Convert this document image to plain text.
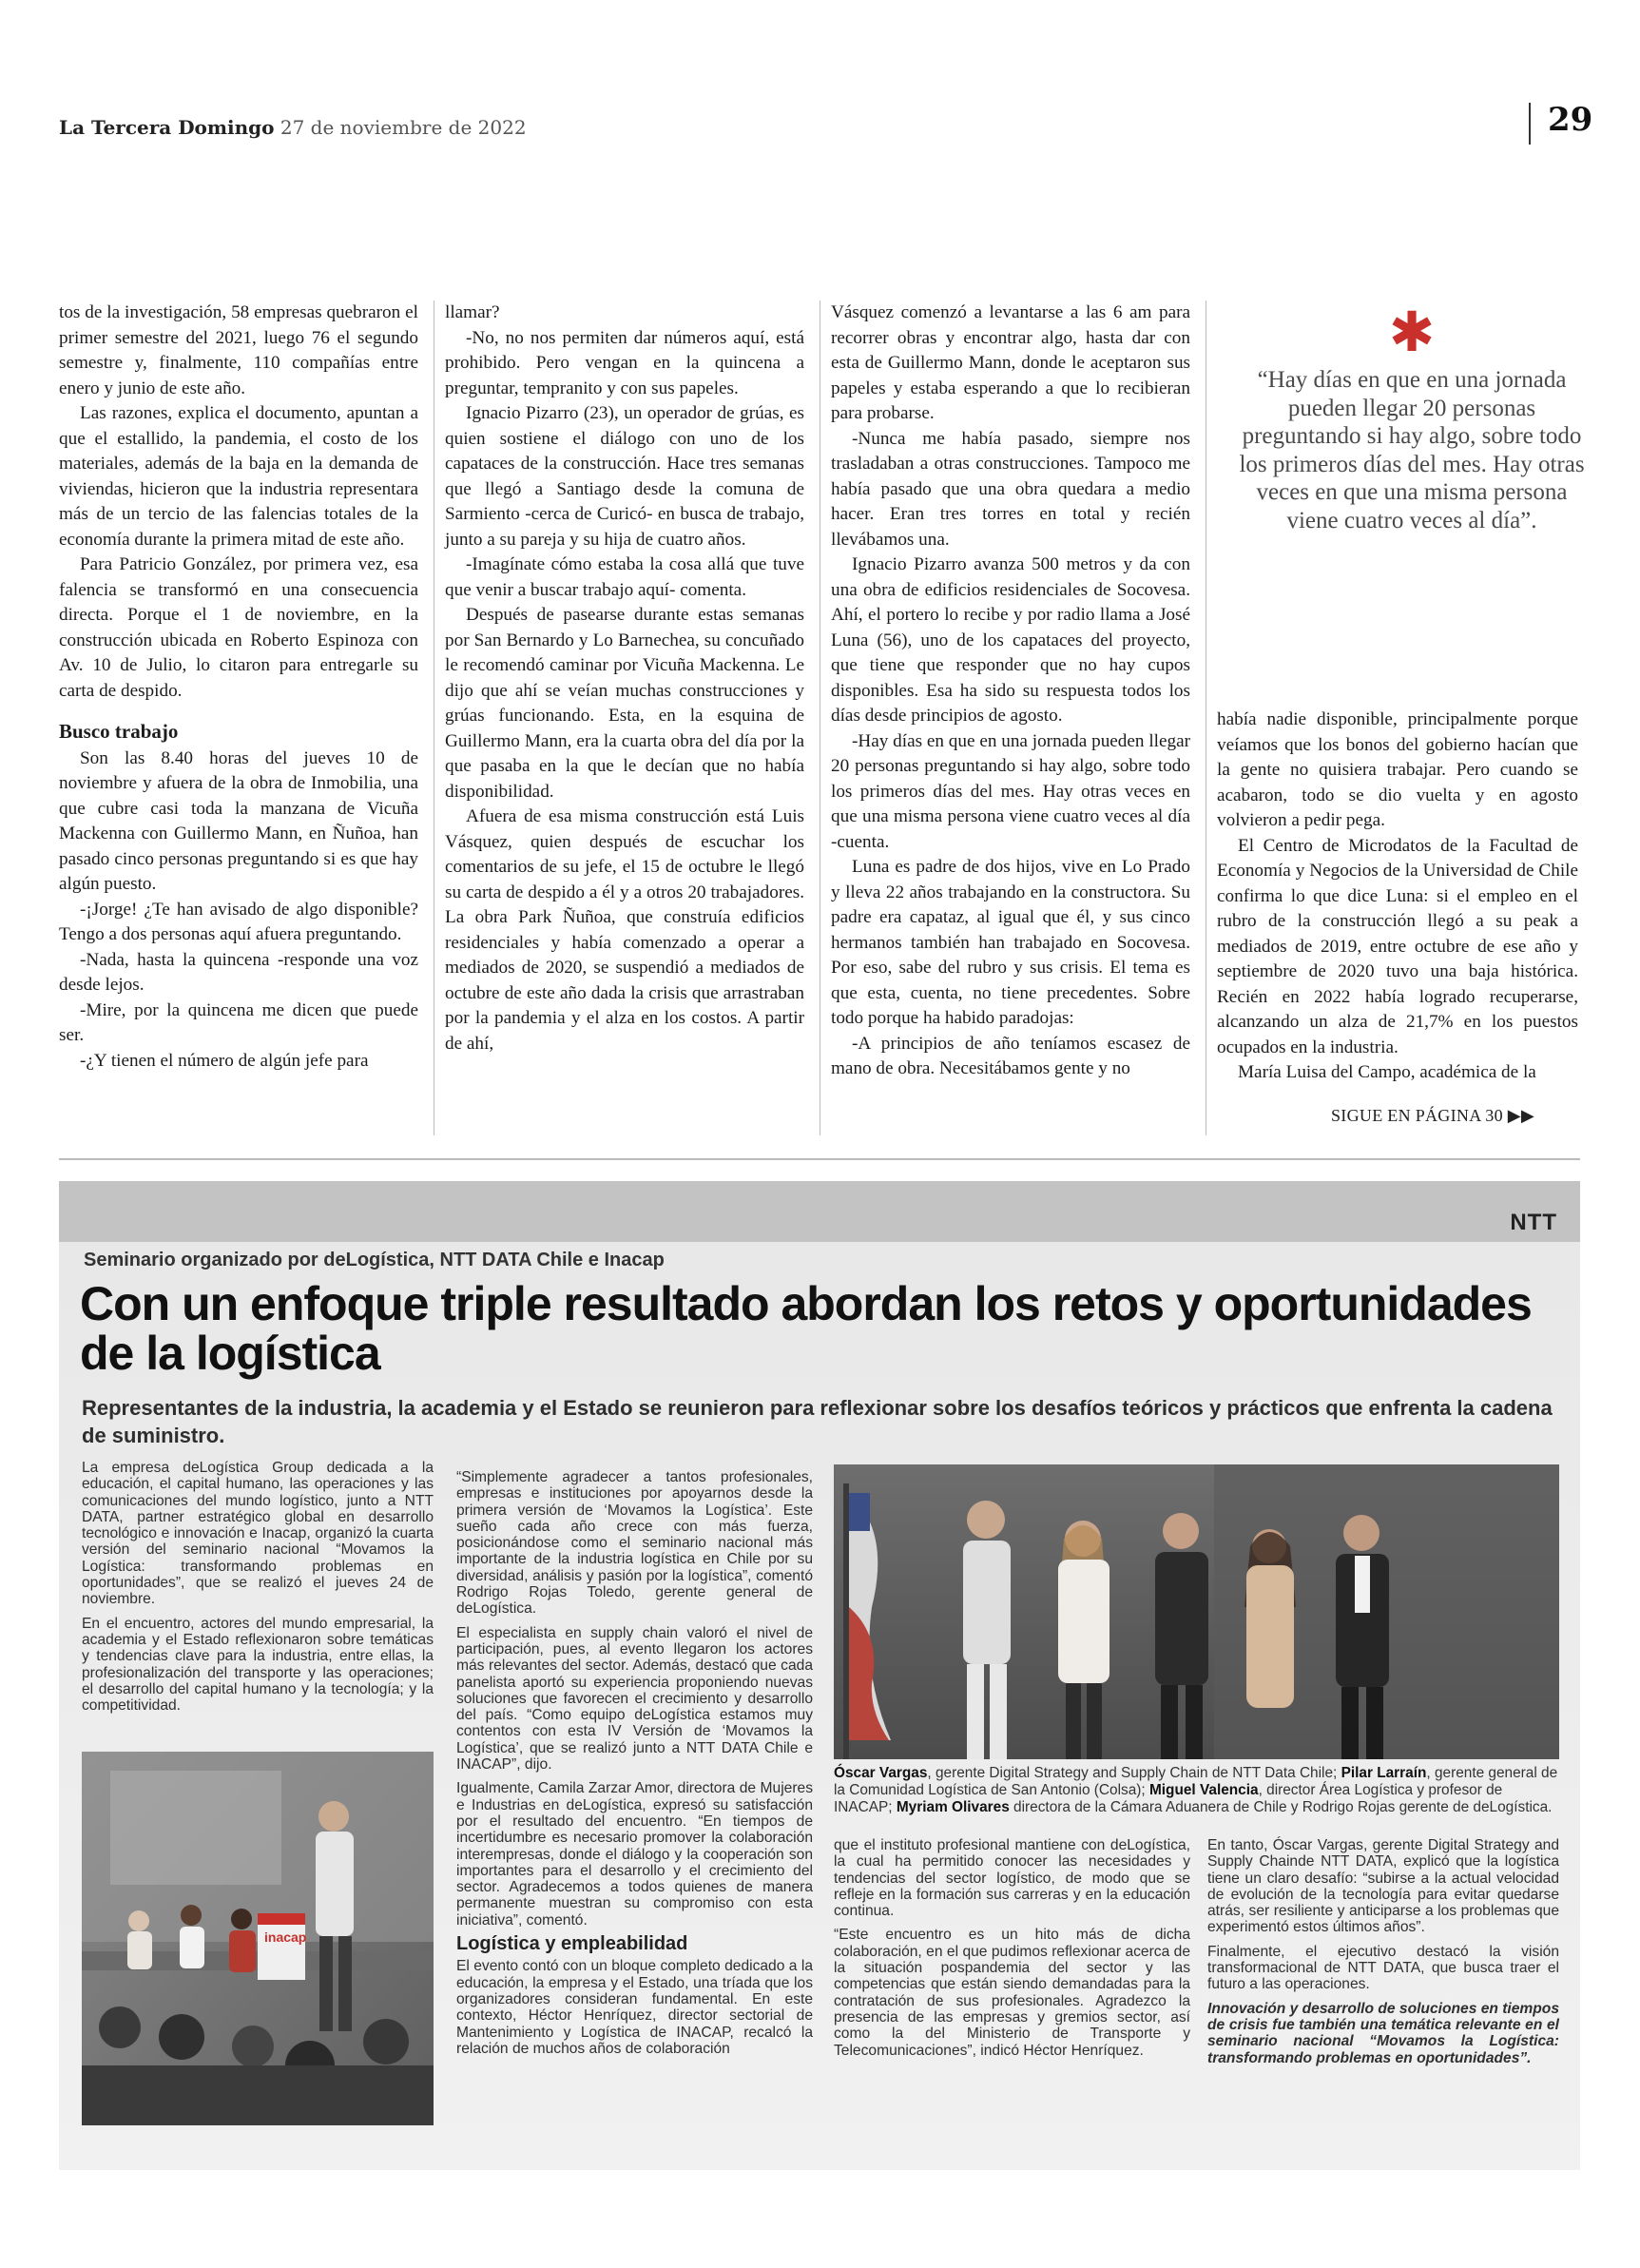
La Tercera Domingo 27 de noviembre de 2022	29

tos de la investigación, 58 empresas quebraron el primer semestre del 2021, luego 76 el segundo semestre y, finalmente, 110 compañías entre enero y junio de este año.

Las razones, explica el documento, apuntan a que el estallido, la pandemia, el costo de los materiales, además de la baja en la demanda de viviendas, hicieron que la industria representara más de un tercio de las falencias totales de la economía durante la primera mitad de este año.

Para Patricio González, por primera vez, esa falencia se transformó en una consecuencia directa. Porque el 1 de noviembre, en la construcción ubicada en Roberto Espinoza con Av. 10 de Julio, lo citaron para entregarle su carta de despido.

Busco trabajo

Son las 8.40 horas del jueves 10 de noviembre y afuera de la obra de Inmobilia, una que cubre casi toda la manzana de Vicuña Mackenna con Guillermo Mann, en Ñuñoa, han pasado cinco personas preguntando si es que hay algún puesto.

-¡Jorge! ¿Te han avisado de algo disponible? Tengo a dos personas aquí afuera preguntando.

-Nada, hasta la quincena -responde una voz desde lejos.

-Mire, por la quincena me dicen que puede ser.

-¿Y tienen el número de algún jefe para

llamar?

-No, no nos permiten dar números aquí, está prohibido. Pero vengan en la quincena a preguntar, tempranito y con sus papeles.

Ignacio Pizarro (23), un operador de grúas, es quien sostiene el diálogo con uno de los capataces de la construcción. Hace tres semanas que llegó a Santiago desde la comuna de Sarmiento -cerca de Curicó- en busca de trabajo, junto a su pareja y su hija de cuatro años.

-Imagínate cómo estaba la cosa allá que tuve que venir a buscar trabajo aquí- comenta.

Después de pasearse durante estas semanas por San Bernardo y Lo Barnechea, su concuñado le recomendó caminar por Vicuña Mackenna. Le dijo que ahí se veían muchas construcciones y grúas funcionando. Esta, en la esquina de Guillermo Mann, era la cuarta obra del día por la que pasaba en la que le decían que no había disponibilidad.

Afuera de esa misma construcción está Luis Vásquez, quien después de escuchar los comentarios de su jefe, el 15 de octubre le llegó su carta de despido a él y a otros 20 trabajadores. La obra Park Ñuñoa, que construía edificios residenciales y había comenzado a operar a mediados de 2020, se suspendió a mediados de octubre de este año dada la crisis que arrastraban por la pandemia y el alza en los costos. A partir de ahí,

Vásquez comenzó a levantarse a las 6 am para recorrer obras y encontrar algo, hasta dar con esta de Guillermo Mann, donde le aceptaron sus papeles y estaba esperando a que lo recibieran para probarse.

-Nunca me había pasado, siempre nos trasladaban a otras construcciones. Tampoco me había pasado que una obra quedara a medio hacer. Eran tres torres en total y recién llevábamos una.

Ignacio Pizarro avanza 500 metros y da con una obra de edificios residenciales de Socovesa. Ahí, el portero lo recibe y por radio llama a José Luna (56), uno de los capataces del proyecto, que tiene que responder que no hay cupos disponibles. Esa ha sido su respuesta todos los días desde principios de agosto.

-Hay días en que en una jornada pueden llegar 20 personas preguntando si hay algo, sobre todo los primeros días del mes. Hay otras veces en que una misma persona viene cuatro veces al día -cuenta.

Luna es padre de dos hijos, vive en Lo Prado y lleva 22 años trabajando en la constructora. Su padre era capataz, al igual que él, y sus cinco hermanos también han trabajado en Socovesa. Por eso, sabe del rubro y sus crisis. El tema es que esta, cuenta, no tiene precedentes. Sobre todo porque ha habido paradojas:

-A principios de año teníamos escasez de mano de obra. Necesitábamos gente y no

✱
“Hay días en que en una jornada pueden llegar 20 personas preguntando si hay algo, sobre todo los primeros días del mes. Hay otras veces en que una misma persona viene cuatro veces al día”.

había nadie disponible, principalmente porque veíamos que los bonos del gobierno hacían que la gente no quisiera trabajar. Pero cuando se acabaron, todo se dio vuelta y en agosto volvieron a pedir pega.

El Centro de Microdatos de la Facultad de Economía y Negocios de la Universidad de Chile confirma lo que dice Luna: si el empleo en el rubro de la construcción llegó a su peak a mediados de 2019, entre octubre de ese año y septiembre de 2020 tuvo una baja histórica. Recién en 2022 había logrado recuperarse, alcanzando un alza de 21,7% en los puestos ocupados en la industria.

María Luisa del Campo, académica de la

SIGUE EN PÁGINA 30 ▶▶
NTT
Seminario organizado por deLogística, NTT DATA Chile e Inacap
Con un enfoque triple resultado abordan los retos y oportunidades de la logística
Representantes de la industria, la academia y el Estado se reunieron para reflexionar sobre los desafíos teóricos y prácticos que enfrenta la cadena de suministro.

La empresa deLogística Group dedicada a la educación, el capital humano, las operaciones y las comunicaciones del mundo logístico, junto a NTT DATA, partner estratégico global en desarrollo tecnológico e innovación e Inacap, organizó la cuarta versión del seminario nacional “Movamos la Logística: transformando problemas en oportunidades”, que se realizó el jueves 24 de noviembre.

En el encuentro, actores del mundo empresarial, la academia y el Estado reflexionaron sobre temáticas y tendencias clave para la industria, entre ellas, la profesionalización del transporte y las operaciones; el desarrollo del capital humano y la tecnología; y la competitividad.

inacap

“Simplemente agradecer a tantos profesionales, empresas e instituciones por apoyarnos desde la primera versión de ‘Movamos la Logística’. Este sueño cada año crece con más fuerza, posicionándose como el seminario nacional más importante de la industria logística en Chile por su diversidad, análisis y pasión por la logística”, comentó Rodrigo Rojas Toledo, gerente general de deLogística.

El especialista en supply chain valoró el nivel de participación, pues, al evento llegaron los actores más relevantes del sector. Además, destacó que cada panelista aportó su experiencia proponiendo nuevas soluciones que favorecen el crecimiento y desarrollo del país. “Como equipo deLogística estamos muy contentos con esta IV Versión de ‘Movamos la Logística’, que se realizó junto a NTT DATA Chile e INACAP”, dijo.

Igualmente, Camila Zarzar Amor, directora de Mujeres e Industrias en deLogística, expresó su satisfacción por el resultado del encuentro. “En tiempos de incertidumbre es necesario promover la colaboración interempresas, donde el diálogo y la cooperación son importantes para el desarrollo y el crecimiento del sector. Agradecemos a todos quienes de manera permanente muestran su compromiso con esta iniciativa”, comentó.

Logística y empleabilidad

El evento contó con un bloque completo dedicado a la educación, la empresa y el Estado, una tríada que los organizadores consideran fundamental. En este contexto, Héctor Henríquez, director sectorial de Mantenimiento y Logística de INACAP, recalcó la relación de muchos años de colaboración

Óscar Vargas, gerente Digital Strategy and Supply Chain de NTT Data Chile; Pilar Larraín, gerente general de la Comunidad Logística de San Antonio (Colsa); Miguel Valencia, director Área Logística y profesor de INACAP; Myriam Olivares directora de la Cámara Aduanera de Chile y Rodrigo Rojas gerente de deLogística.

que el instituto profesional mantiene con deLogística, la cual ha permitido conocer las necesidades y tendencias del sector logístico, de modo que se refleje en la formación sus carreras y en la educación continua.

“Este encuentro es un hito más de dicha colaboración, en el que pudimos reflexionar acerca de la situación pospandemia del sector y las competencias que están siendo demandadas para la contratación de sus profesionales. Agradezco la presencia de las empresas y gremios sector, así como la del Ministerio de Transporte y Telecomunicaciones”, indicó Héctor Henríquez.

En tanto, Óscar Vargas, gerente Digital Strategy and Supply Chainde NTT DATA, explicó que la logística tiene un claro desafío: “subirse a la actual velocidad de evolución de la tecnología para evitar quedarse atrás, ser resiliente y anticiparse a los problemas que experimentó estos últimos años”.

Finalmente, el ejecutivo destacó la visión transformacional de NTT DATA, que busca traer el futuro a las operaciones.

Innovación y desarrollo de soluciones en tiempos de crisis fue también una temática relevante en el seminario nacional “Movamos la Logística: transformando problemas en oportunidades”.
